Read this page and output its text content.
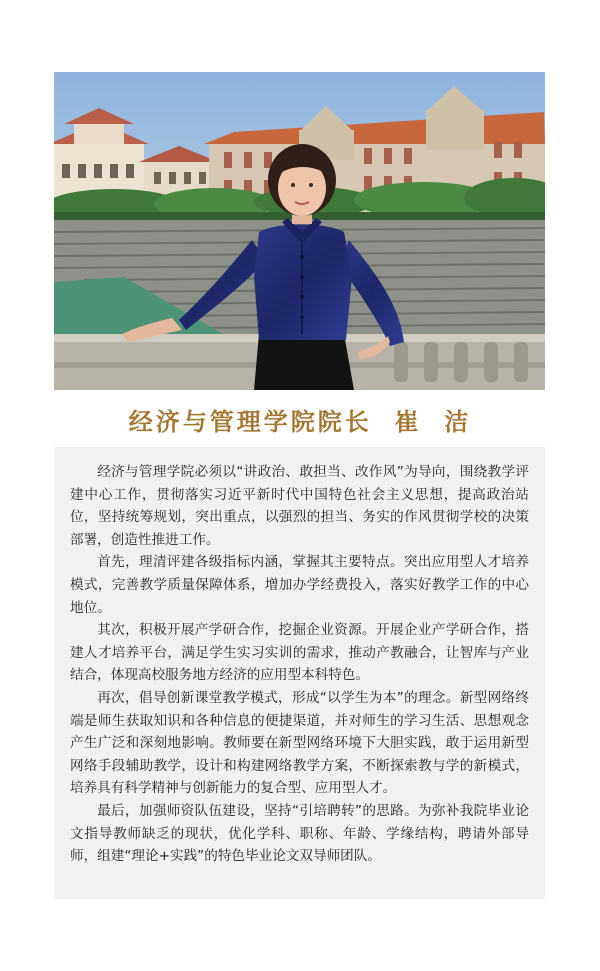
经济与管理学院院长  崔  洁

经济与管理学院必须以“讲政治、敢担当、改作风”为导向，围绕教学评建中心工作，贯彻落实习近平新时代中国特色社会主义思想，提高政治站位，坚持统筹规划，突出重点，以强烈的担当、务实的作风贯彻学校的决策部署，创造性推进工作。

首先，理清评建各级指标内涵，掌握其主要特点。突出应用型人才培养模式，完善教学质量保障体系，增加办学经费投入，落实好教学工作的中心地位。

其次，积极开展产学研合作，挖掘企业资源。开展企业产学研合作，搭建人才培养平台，满足学生实习实训的需求，推动产教融合，让智库与产业结合，体现高校服务地方经济的应用型本科特色。

再次，倡导创新课堂教学模式，形成“以学生为本”的理念。新型网络终端是师生获取知识和各种信息的便捷渠道，并对师生的学习生活、思想观念产生广泛和深刻地影响。教师要在新型网络环境下大胆实践，敢于运用新型网络手段辅助教学，设计和构建网络教学方案，不断探索教与学的新模式，培养具有科学精神与创新能力的复合型、应用型人才。

最后，加强师资队伍建设，坚持“引培聘转”的思路。为弥补我院毕业论文指导教师缺乏的现状，优化学科、职称、年龄、学缘结构，聘请外部导师，组建“理论+实践”的特色毕业论文双导师团队。
